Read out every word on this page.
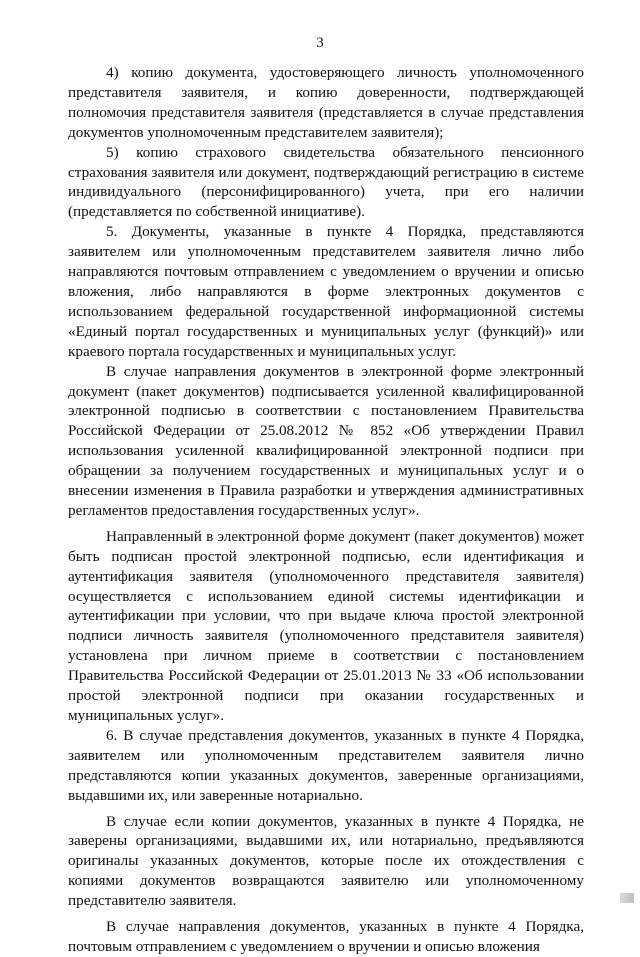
3

4) копию документа, удостоверяющего личность уполномоченного представителя заявителя, и копию доверенности, подтверждающей полномочия представителя заявителя (представляется в случае представления документов уполномоченным представителем заявителя);

5) копию страхового свидетельства обязательного пенсионного страхования заявителя или документ, подтверждающий регистрацию в системе индивидуального (персонифицированного) учета, при его наличии (представляется по собственной инициативе).

5. Документы, указанные в пункте 4 Порядка, представляются заявителем или уполномоченным представителем заявителя лично либо направляются почтовым отправлением с уведомлением о вручении и описью вложения, либо направляются в форме электронных документов с использованием федеральной государственной информационной системы «Единый портал государственных и муниципальных услуг (функций)» или краевого портала государственных и муниципальных услуг.

В случае направления документов в электронной форме электронный документ (пакет документов) подписывается усиленной квалифицированной электронной подписью в соответствии с постановлением Правительства Российской Федерации от 25.08.2012 № 852 «Об утверждении Правил использования усиленной квалифицированной электронной подписи при обращении за получением государственных и муниципальных услуг и о внесении изменения в Правила разработки и утверждения административных регламентов предоставления государственных услуг».

Направленный в электронной форме документ (пакет документов) может быть подписан простой электронной подписью, если идентификация и аутентификация заявителя (уполномоченного представителя заявителя) осуществляется с использованием единой системы идентификации и аутентификации при условии, что при выдаче ключа простой электронной подписи личность заявителя (уполномоченного представителя заявителя) установлена при личном приеме в соответствии с постановлением Правительства Российской Федерации от 25.01.2013 № 33 «Об использовании простой электронной подписи при оказании государственных и муниципальных услуг».

6. В случае представления документов, указанных в пункте 4 Порядка, заявителем или уполномоченным представителем заявителя лично представляются копии указанных документов, заверенные организациями, выдавшими их, или заверенные нотариально.

В случае если копии документов, указанных в пункте 4 Порядка, не заверены организациями, выдавшими их, или нотариально, предъявляются оригиналы указанных документов, которые после их отождествления с копиями документов возвращаются заявителю или уполномоченному представителю заявителя.

В случае направления документов, указанных в пункте 4 Порядка, почтовым отправлением с уведомлением о вручении и описью вложения
